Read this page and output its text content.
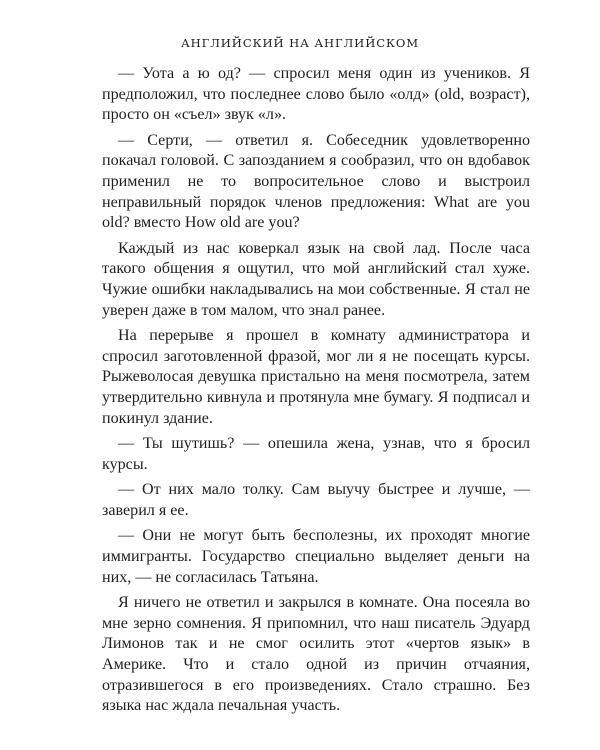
АНГЛИЙСКИЙ НА АНГЛИЙСКОМ

— Уота а ю од? — спросил меня один из учеников. Я предположил, что последнее слово было «олд» (old, возраст), просто он «съел» звук «л».

— Серти, — ответил я. Собеседник удовлетворенно покачал головой. С запозданием я сообразил, что он вдобавок применил не то вопросительное слово и выстроил неправильный порядок членов предложения: What are you old? вместо How old are you?

Каждый из нас коверкал язык на свой лад. После часа такого общения я ощутил, что мой английский стал хуже. Чужие ошибки накладывались на мои собственные. Я стал не уверен даже в том малом, что знал ранее.

На перерыве я прошел в комнату администратора и спросил заготовленной фразой, мог ли я не посещать курсы. Рыжеволосая девушка пристально на меня посмотрела, затем утвердительно кивнула и протянула мне бумагу. Я подписал и покинул здание.

— Ты шутишь? — опешила жена, узнав, что я бросил курсы.

— От них мало толку. Сам выучу быстрее и лучше, — заверил я ее.

— Они не могут быть бесполезны, их проходят многие иммигранты. Государство специально выделяет деньги на них, — не согласилась Татьяна.

Я ничего не ответил и закрылся в комнате. Она посеяла во мне зерно сомнения. Я припомнил, что наш писатель Эдуард Лимонов так и не смог осилить этот «чертов язык» в Америке. Что и стало одной из причин отчаяния, отразившегося в его произведениях. Стало страшно. Без языка нас ждала печальная участь.
